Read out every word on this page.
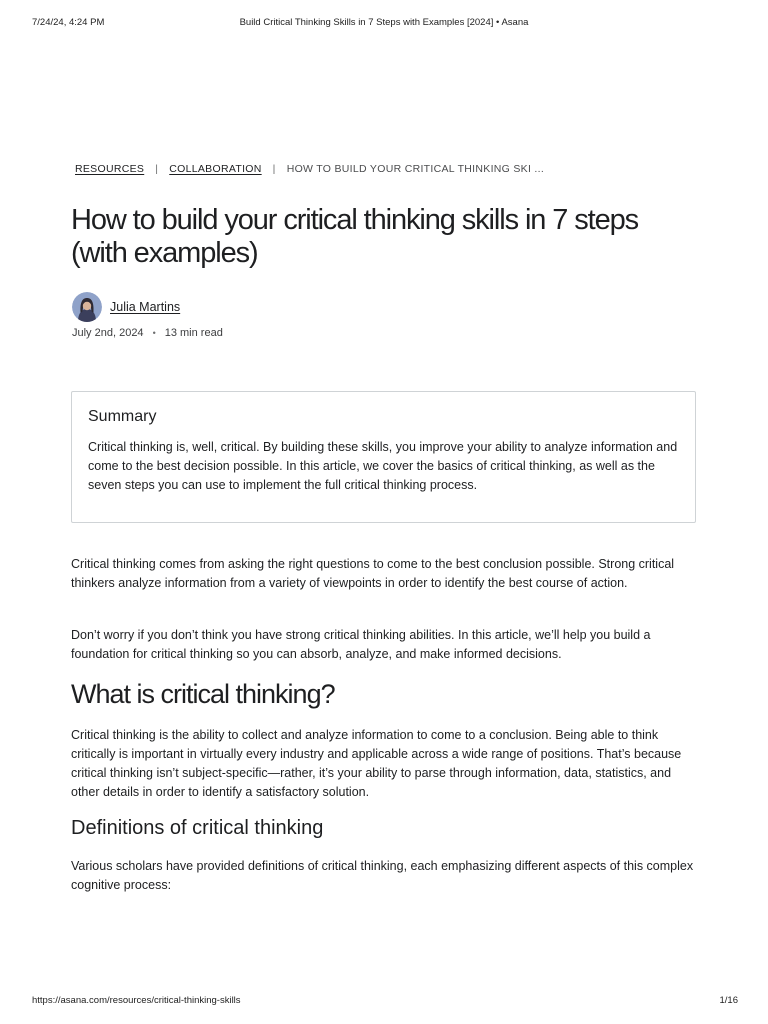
7/24/24, 4:24 PM	Build Critical Thinking Skills in 7 Steps with Examples [2024] • Asana
RESOURCES | COLLABORATION | HOW TO BUILD YOUR CRITICAL THINKING SKI ...
How to build your critical thinking skills in 7 steps (with examples)
Julia Martins
July 2nd, 2024 • 13 min read
Summary

Critical thinking is, well, critical. By building these skills, you improve your ability to analyze information and come to the best decision possible. In this article, we cover the basics of critical thinking, as well as the seven steps you can use to implement the full critical thinking process.

Critical thinking comes from asking the right questions to come to the best conclusion possible. Strong critical thinkers analyze information from a variety of viewpoints in order to identify the best course of action.

Don’t worry if you don’t think you have strong critical thinking abilities. In this article, we’ll help you build a foundation for critical thinking so you can absorb, analyze, and make informed decisions.

What is critical thinking?

Critical thinking is the ability to collect and analyze information to come to a conclusion. Being able to think critically is important in virtually every industry and applicable across a wide range of positions. That’s because critical thinking isn’t subject-specific—rather, it’s your ability to parse through information, data, statistics, and other details in order to identify a satisfactory solution.

Definitions of critical thinking

Various scholars have provided definitions of critical thinking, each emphasizing different aspects of this complex cognitive process:

https://asana.com/resources/critical-thinking-skills	1/16
